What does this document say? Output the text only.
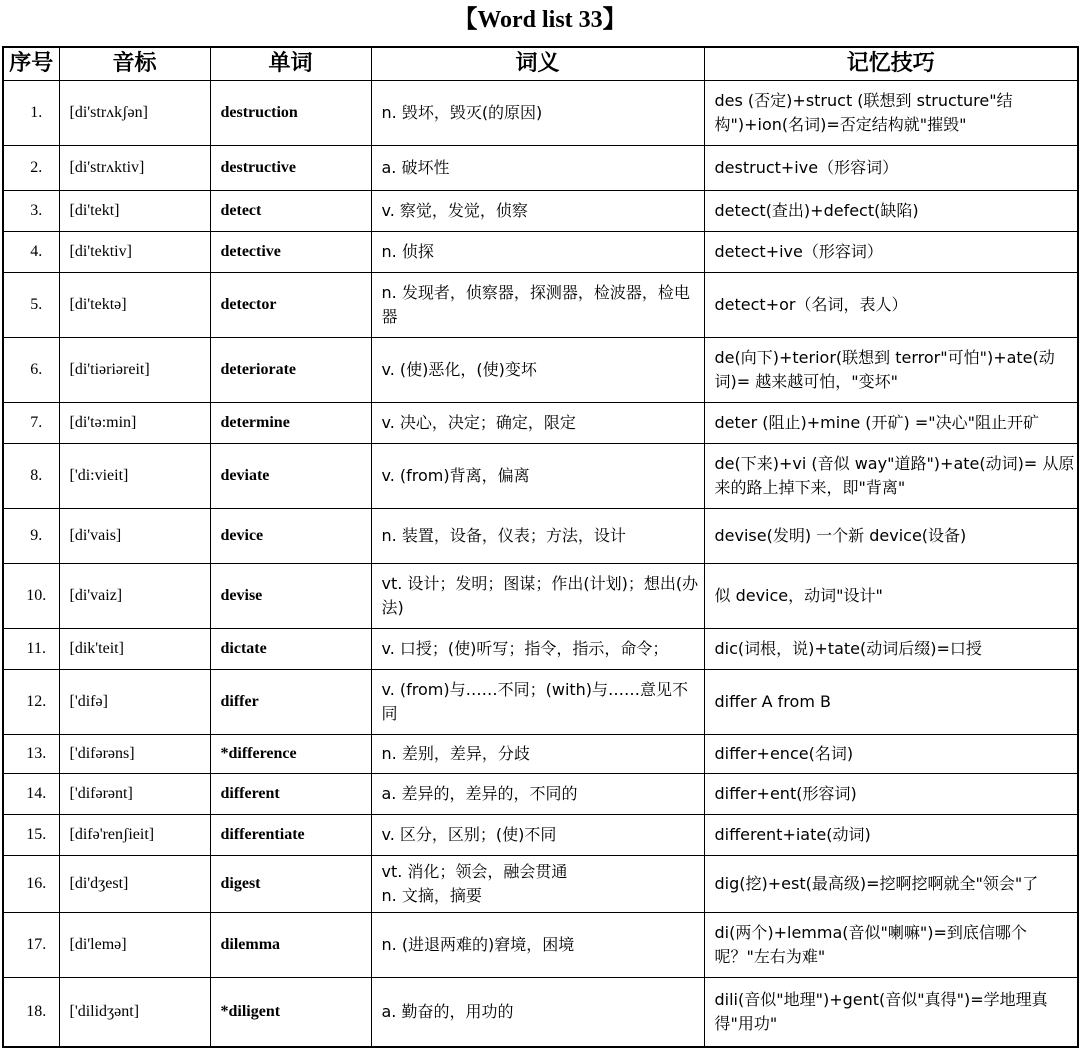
【Word list 33】
序号	音标	单词	词义	记忆技巧
1.	[di'strʌkʃən]	destruction	n. 毁坏，毁灭(的原因)	des (否定)+struct (联想到 structure"结构")+ion(名词)=否定结构就"摧毁"
2.	[di'strʌktiv]	destructive	a. 破坏性	destruct+ive（形容词）
3.	[di'tekt]	detect	v. 察觉，发觉，侦察	detect(查出)+defect(缺陷)
4.	[di'tektiv]	detective	n. 侦探	detect+ive（形容词）
5.	[di'tektə]	detector	n. 发现者，侦察器，探测器，检波器，检电器	detect+or（名词，表人）
6.	[di'tiəriəreit]	deteriorate	v. (使)恶化，(使)变坏	de(向下)+terior(联想到 terror"可怕")+ate(动词)= 越来越可怕，"变坏"
7.	[di'tə:min]	determine	v. 决心，决定；确定，限定	deter (阻止)+mine (开矿) ="决心"阻止开矿
8.	['di:vieit]	deviate	v. (from)背离，偏离	de(下来)+vi (音似 way"道路")+ate(动词)= 从原来的路上掉下来，即"背离"
9.	[di'vais]	device	n. 装置，设备，仪表；方法，设计	devise(发明) 一个新 device(设备)
10.	[di'vaiz]	devise	vt. 设计；发明；图谋；作出(计划)；想出(办法)	似 device，动词"设计"
11.	[dik'teit]	dictate	v. 口授；(使)听写；指令，指示，命令；	dic(词根，说)+tate(动词后缀)=口授
12.	['difə]	differ	v. (from)与……不同；(with)与……意见不同	differ A from B
13.	['difərəns]	*difference	n. 差别，差异，分歧	differ+ence(名词)
14.	['difərənt]	different	a. 差异的，差异的，不同的	differ+ent(形容词)
15.	[difə'renʃieit]	differentiate	v. 区分，区别；(使)不同	different+iate(动词)
16.	[di'dʒest]	digest	vt. 消化；领会，融会贯通
n. 文摘，摘要	dig(挖)+est(最高级)=挖啊挖啊就全"领会"了
17.	[di'lemə]	dilemma	n. (进退两难的)窘境，困境	di(两个)+lemma(音似"喇嘛")=到底信哪个呢？"左右为难"
18.	['dilidʒənt]	*diligent	a. 勤奋的，用功的	dili(音似"地理")+gent(音似"真得")=学地理真得"用功"
